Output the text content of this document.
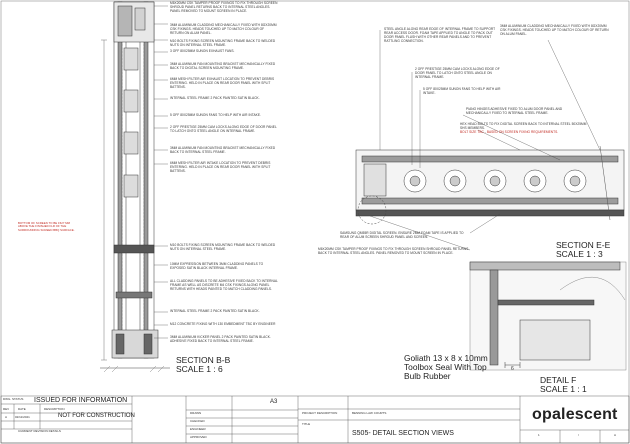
M6X20MM CSK TAMPER PROOF FIXINGS TO FIX THROUGH SCREEN SHROUD PANEL RETURNS BACK TO INTERNAL STEEL ANGLES. PANEL REMOVED TO MOUNT SCREEN IN PLACE.
3MM ALUMINIUM CLADDING MECHANICALLY FIXED WITH 8GX20MM CSK FIXINGS. HEADS TOUCHED UP TO MATCH COLOUR OF RETURN ON ALUM PANEL.
M10 BOLTS FIXING SCREEN MOUNTING FRAME BACK TO WELDED NUTS ON INTERNAL STEEL FRAME.
3 OFF 80X25MM SUNON EXHAUST FANS.
3MM ALUMINIUM FAN MOUNTING BRACKET MECHANICALLY FIXED BACK TO DIGITAL SCREEN MOUNTING FRAME.
6MM MESH FILTER AIR EXHAUST LOCATION TO PREVENT DEBRIS ENTERING. HELD IN PLACE ON REAR DOOR PANEL WITH SPLIT BATTENS.
INTERNAL STEEL FRAME 2 PACK PAINTED SATIN BLACK.
5 OFF 80X25MM SUNON FANS TO HELP WITH AIR INTAKE.
2 OFF PRESTIGE 25MM CAM LOCKS ALONG EDGE OF DOOR PANEL TO LATCH ONTO STEEL ANGLE ON INTERNAL FRAME.
3MM ALUMINIUM FAN MOUNTING BRACKET MECHANICALLY FIXED BACK TO INTERNAL STEEL FRAME.
6MM MESH FILTER AIR INTAKE LOCATION TO PREVENT DEBRIS ENTERING. HELD IN PLACE ON REAR DOOR PANEL WITH SPLIT BATTENS.
BOTTOM OF SCREEN TO BE 1527 MM ABOVE THE FINISHED FLR OF THE SURROUNDING SCREEN BBQ SURFACE.
M10 BOLTS FIXING SCREEN MOUNTING FRAME BACK TO WELDED NUTS ON INTERNAL STEEL FRAME.
10MM EXPRESSION BETWEEN 3MM CLADDING PANELS TO EXPOSED SATIN BLACK INTERNAL FRAME.
ALL CLADDING PANELS TO BE ADHESIVE FIXED BACK TO INTERNAL FRAME AS WELL AS DISCRETE M4 CSK FIXINGS ALONG PANEL RETURNS WITH HEADS PAINTED TO MATCH CLADDING PANELS.
INTERNAL STEEL FRAME 2 PACK PAINTED SATIN BLACK.
M12 CONCRETE FIXING WITH 130 EMBEDMENT TBC BY ENGINEER
3MM ALUMINIUM KICKER PANEL 2 PACK PAINTED SATIN BLACK. ADHESIVE FIXED BACK TO INTERNAL STEEL FRAME.
SECTION B-B
SCALE 1 : 6
STEEL ANGLE ALONG REAR EDGE OF INTERNAL FRAME TO SUPPORT REAR ACCESS DOOR. FOAM TAPE APPLIED TO ANGLE TO PACK OUT DOOR PANEL FLUSH WITH OTHER REAR PANELS AND TO PREVENT RATTLING CONNECTION.
3MM ALUMINIUM CLADDING MECHANICALLY FIXED WITH 8GX20MM CSK FIXINGS. HEADS TOUCHED UP TO MATCH COLOUR OF RETURN ON ALUM PANEL.
2 OFF PRESTIGE 25MM CAM LOCKS ALONG EDGE OF DOOR PANEL TO LATCH ONTO STEEL ANGLE ON INTERNAL FRAME.
5 OFF 80X25MM SUNON FANS TO HELP WITH AIR INTAKE.
PIANO HINGES ADHESIVE FIXED TO ALUM DOOR PANEL AND MECHANICALLY FIXED TO INTERNAL STEEL FRAME.
HEX HEAD BOLTS TO FIX DIGITAL SCREEN BACK TO INTERNAL STEEL 50X25MM SHS MEMBERS.
BOLT SIZE TBC - BASED ON SCREEN FIXING REQUIREMENTS.
SAMSUNG QM55R DIGITAL SCREEN. ENSURE 2MM FOAM TAPE IS APPLIED TO REAR OF ALUM SCREEN SHROUD PANEL AND SCREEN.
M6X20MM CSK TAMPER PROOF FIXINGS TO FIX THROUGH SCREEN SHROUD PANEL RETURNS BACK TO INTERNAL STEEL ANGLES. PANEL REMOVED TO MOUNT SCREEN IN PLACE.
SECTION E-E
SCALE 1 : 3
Goliath 13 x 8 x 10mm
Toolbox Seal With Top
Bulb Rubber
6
DETAIL F
SCALE 1 : 1
DWG. STATUS ISSUED FOR INFORMATION
REV	DATE	DESCRIPTION
A	02/11/2021	NOT FOR CONSTRUCTION
CURRENT REVISION DETAILS
DRAWN
CHECKED
ENGINEER
APPROVED
A3
PROJECT DESCRIPTION	BENNING LAW COURTS
TITLE
S505- DETAIL SECTION VIEWS
opalescent
1	/	A
